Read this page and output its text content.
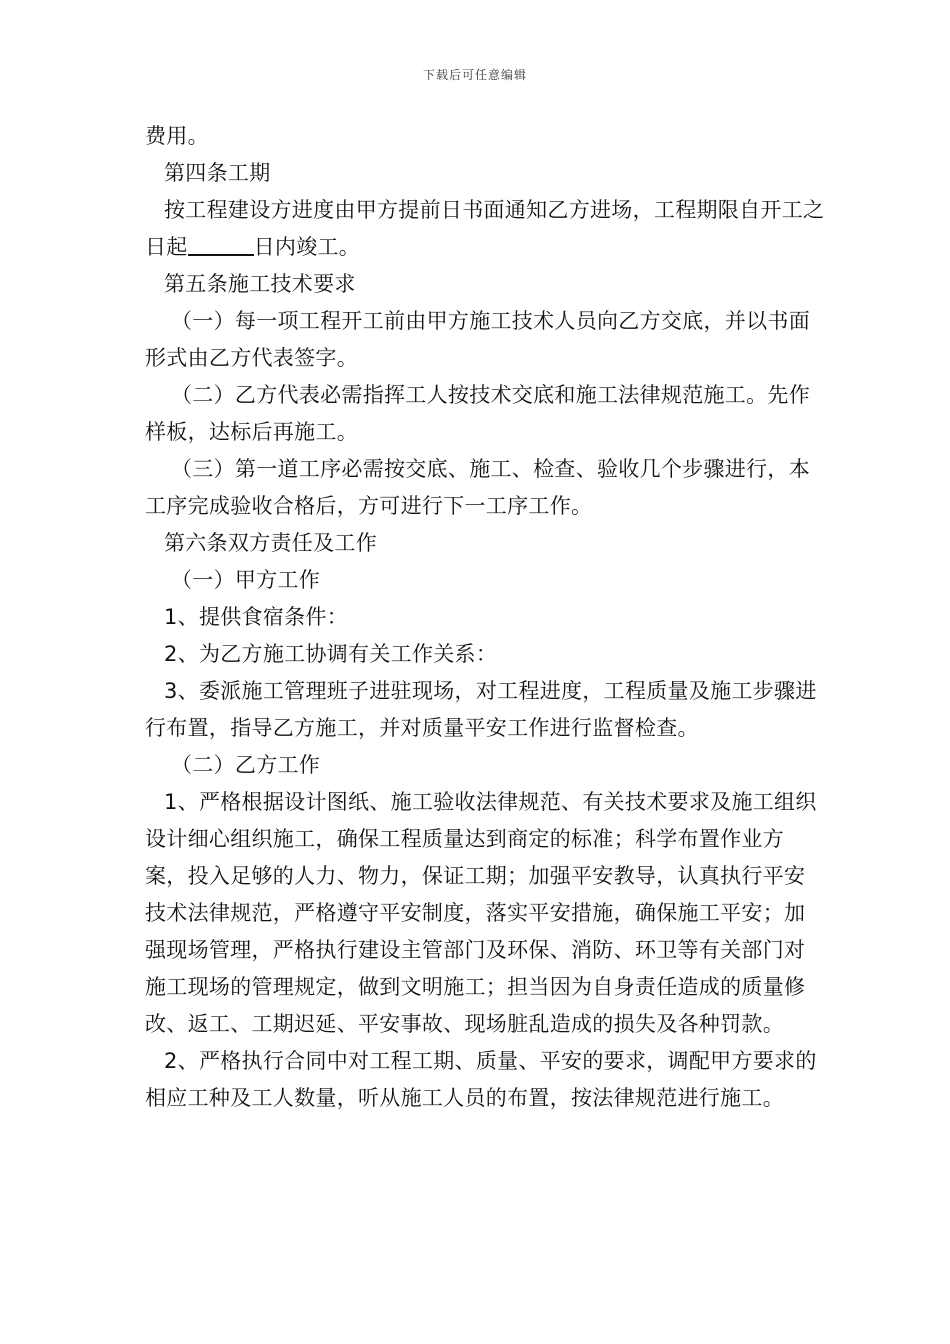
下载后可任意编辑

费用。

第四条工期

按工程建设方进度由甲方提前日书面通知乙方进场，工程期限自开工之日起	日内竣工。

第五条施工技术要求

（一）每一项工程开工前由甲方施工技术人员向乙方交底，并以书面形式由乙方代表签字。

（二）乙方代表必需指挥工人按技术交底和施工法律规范施工。先作样板，达标后再施工。

（三）第一道工序必需按交底、施工、检查、验收几个步骤进行，本工序完成验收合格后，方可进行下一工序工作。

第六条双方责任及工作

（一）甲方工作

1、提供食宿条件：

2、为乙方施工协调有关工作关系：

3、委派施工管理班子进驻现场，对工程进度，工程质量及施工步骤进行布置，指导乙方施工，并对质量平安工作进行监督检查。

（二）乙方工作

1、严格根据设计图纸、施工验收法律规范、有关技术要求及施工组织设计细心组织施工，确保工程质量达到商定的标准；科学布置作业方案，投入足够的人力、物力，保证工期；加强平安教导，认真执行平安技术法律规范，严格遵守平安制度，落实平安措施，确保施工平安；加强现场管理，严格执行建设主管部门及环保、消防、环卫等有关部门对施工现场的管理规定，做到文明施工；担当因为自身责任造成的质量修改、返工、工期迟延、平安事故、现场脏乱造成的损失及各种罚款。

2、严格执行合同中对工程工期、质量、平安的要求，调配甲方要求的相应工种及工人数量，听从施工人员的布置，按法律规范进行施工。
